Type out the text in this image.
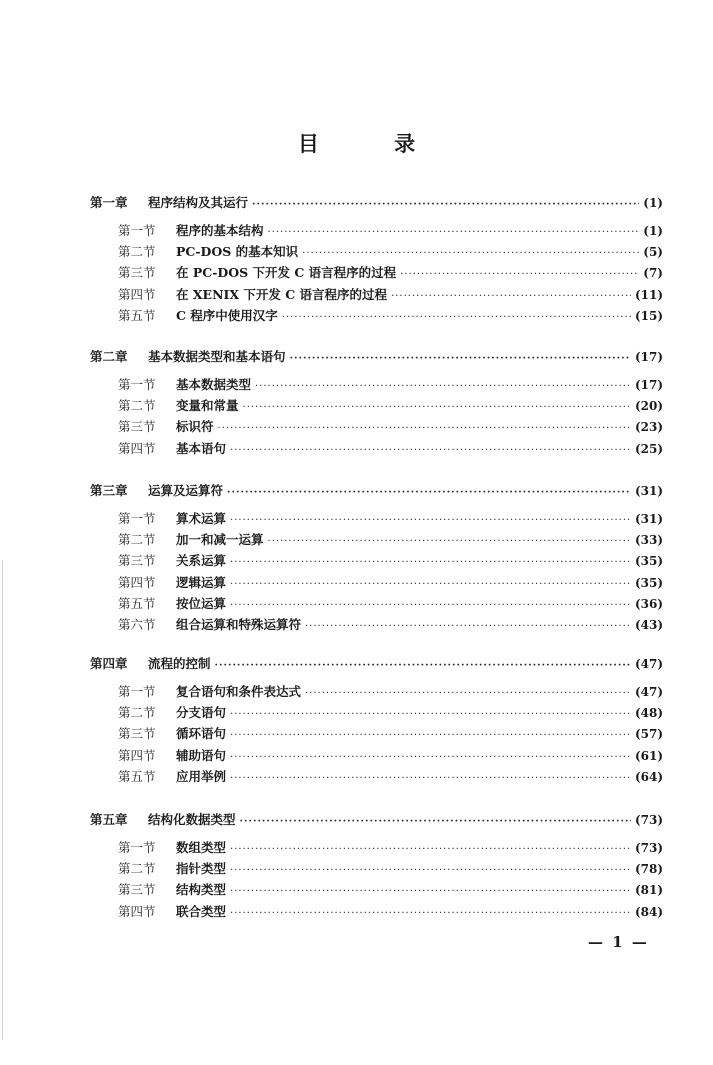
目 录
第一章	程序结构及其运行 ·····	(1)
第一节	程序的基本结构 ·····	(1)
第二节	PC-DOS 的基本知识 ·····	(5)
第三节	在 PC-DOS 下开发 C 语言程序的过程 ·····	(7)
第四节	在 XENIX 下开发 C 语言程序的过程 ·····	(11)
第五节	C 程序中使用汉字 ·····	(15)
第二章	基本数据类型和基本语句 ·····	(17)
第一节	基本数据类型 ·····	(17)
第二节	变量和常量 ·····	(20)
第三节	标识符 ·····	(23)
第四节	基本语句 ·····	(25)
第三章	运算及运算符 ·····	(31)
第一节	算术运算 ·····	(31)
第二节	加一和减一运算 ·····	(33)
第三节	关系运算 ·····	(35)
第四节	逻辑运算 ·····	(35)
第五节	按位运算 ·····	(36)
第六节	组合运算和特殊运算符 ·····	(43)
第四章	流程的控制 ·····	(47)
第一节	复合语句和条件表达式 ·····	(47)
第二节	分支语句 ·····	(48)
第三节	循环语句 ·····	(57)
第四节	辅助语句 ·····	(61)
第五节	应用举例 ·····	(64)
第五章	结构化数据类型 ·····	(73)
第一节	数组类型 ·····	(73)
第二节	指针类型 ·····	(78)
第三节	结构类型 ·····	(81)
第四节	联合类型 ·····	(84)
— 1 —
